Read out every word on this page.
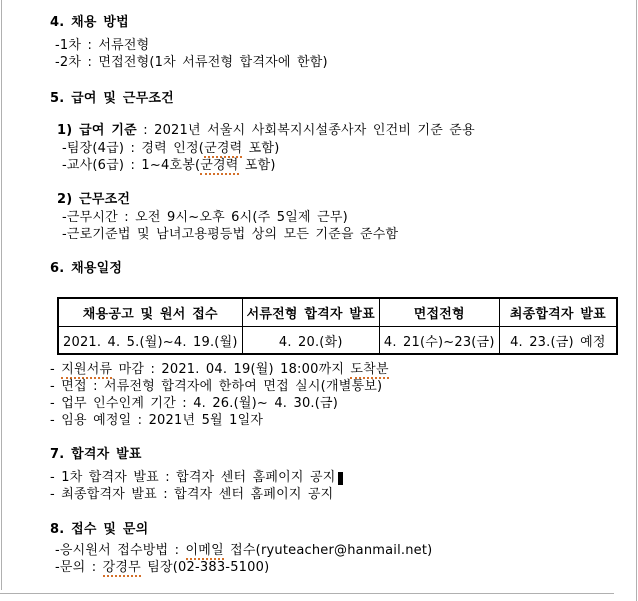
4. 채용 방법
-1차 : 서류전형
-2차 : 면접전형(1차 서류전형 합격자에 한함)
5. 급여 및 근무조건
1) 급여 기준 : 2021년 서울시 사회복지시설종사자 인건비 기준 준용
-팀장(4급) : 경력 인정(군경력 포함)
-교사(6급) : 1~4호봉(군경력 포함)
2) 근무조건
-근무시간 : 오전 9시~오후 6시(주 5일제 근무)
-근로기준법 및 남녀고용평등법 상의 모든 기준을 준수함
6. 채용일정
채용공고 및 원서 접수	서류전형 합격자 발표	면접전형	최종합격자 발표
2021. 4. 5.(월)~4. 19.(월)	4. 20.(화)	4. 21(수)~23(금)	4. 23.(금) 예정
- 지원서류 마감 : 2021. 04. 19(월) 18:00까지 도착분
- 면접 : 서류전형 합격자에 한하여 면접 실시(개별통보)
- 업무 인수인계 기간 : 4. 26.(월)~ 4. 30.(금)
- 임용 예정일 : 2021년 5월 1일자
7. 합격자 발표
- 1차 합격자 발표 : 합격자 센터 홈페이지 공지
- 최종합격자 발표 : 합격자 센터 홈페이지 공지
8. 접수 및 문의
-응시원서 접수방법 : 이메일 접수(ryuteacher@hanmail.net)
-문의 : 강경무 팀장(02-383-5100)
